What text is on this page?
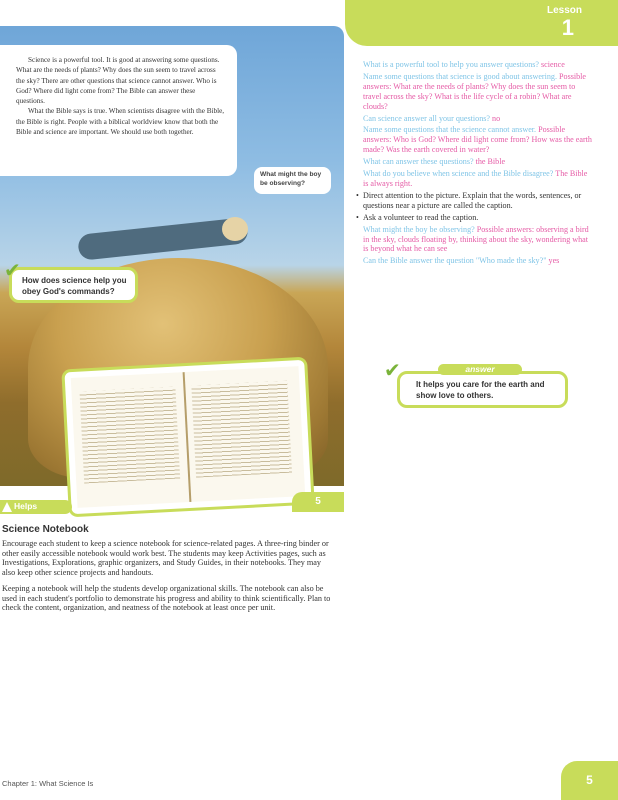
Lesson
1
5

Science is a powerful tool. It is good at answering some questions. What are the needs of plants? Why does the sun seem to travel across the sky? There are other questions that science cannot answer. Who is God? Where did light come from? The Bible can answer these questions.

What the Bible says is true. When scientists disagree with the Bible, the Bible is right. People with a biblical worldview know that both the Bible and science are important. We should use both together.

What might the boy be observing?
How does science help you obey God's commands?
✔
What is a powerful tool to help you answer questions? science
Name some questions that science is good about answering. Possible answers: What are the needs of plants? Why does the sun seem to travel across the sky? What is the life cycle of a robin? What are clouds?
Can science answer all your questions? no
Name some questions that the science cannot answer. Possible answers: Who is God? Where did light come from? How was the earth made? Was the earth covered in water?
What can answer these questions? the Bible
What do you believe when science and the Bible disagree? The Bible is always right.
• Direct attention to the picture. Explain that the words, sentences, or questions near a picture are called the caption.
• Ask a volunteer to read the caption.
What might the boy be observing? Possible answers: observing a bird in the sky, clouds floating by, thinking about the sky, wondering what is beyond what he can see
Can the Bible answer the question "Who made the sky?" yes
✔	answer
It helps you care for the earth and show love to others.
Helps
Science Notebook

Encourage each student to keep a science notebook for science-related pages. A three-ring binder or other easily accessible notebook would work best. The students may keep Activities pages, such as Investigations, Explorations, graphic organizers, and Study Guides, in their notebooks. They may also keep other science projects and handouts.

Keeping a notebook will help the students develop organizational skills. The notebook can also be used in each student's portfolio to demonstrate his progress and ability to think scientifically. Plan to check the content, organization, and neatness of the notebook at least once per unit.

Chapter 1: What Science Is	5
